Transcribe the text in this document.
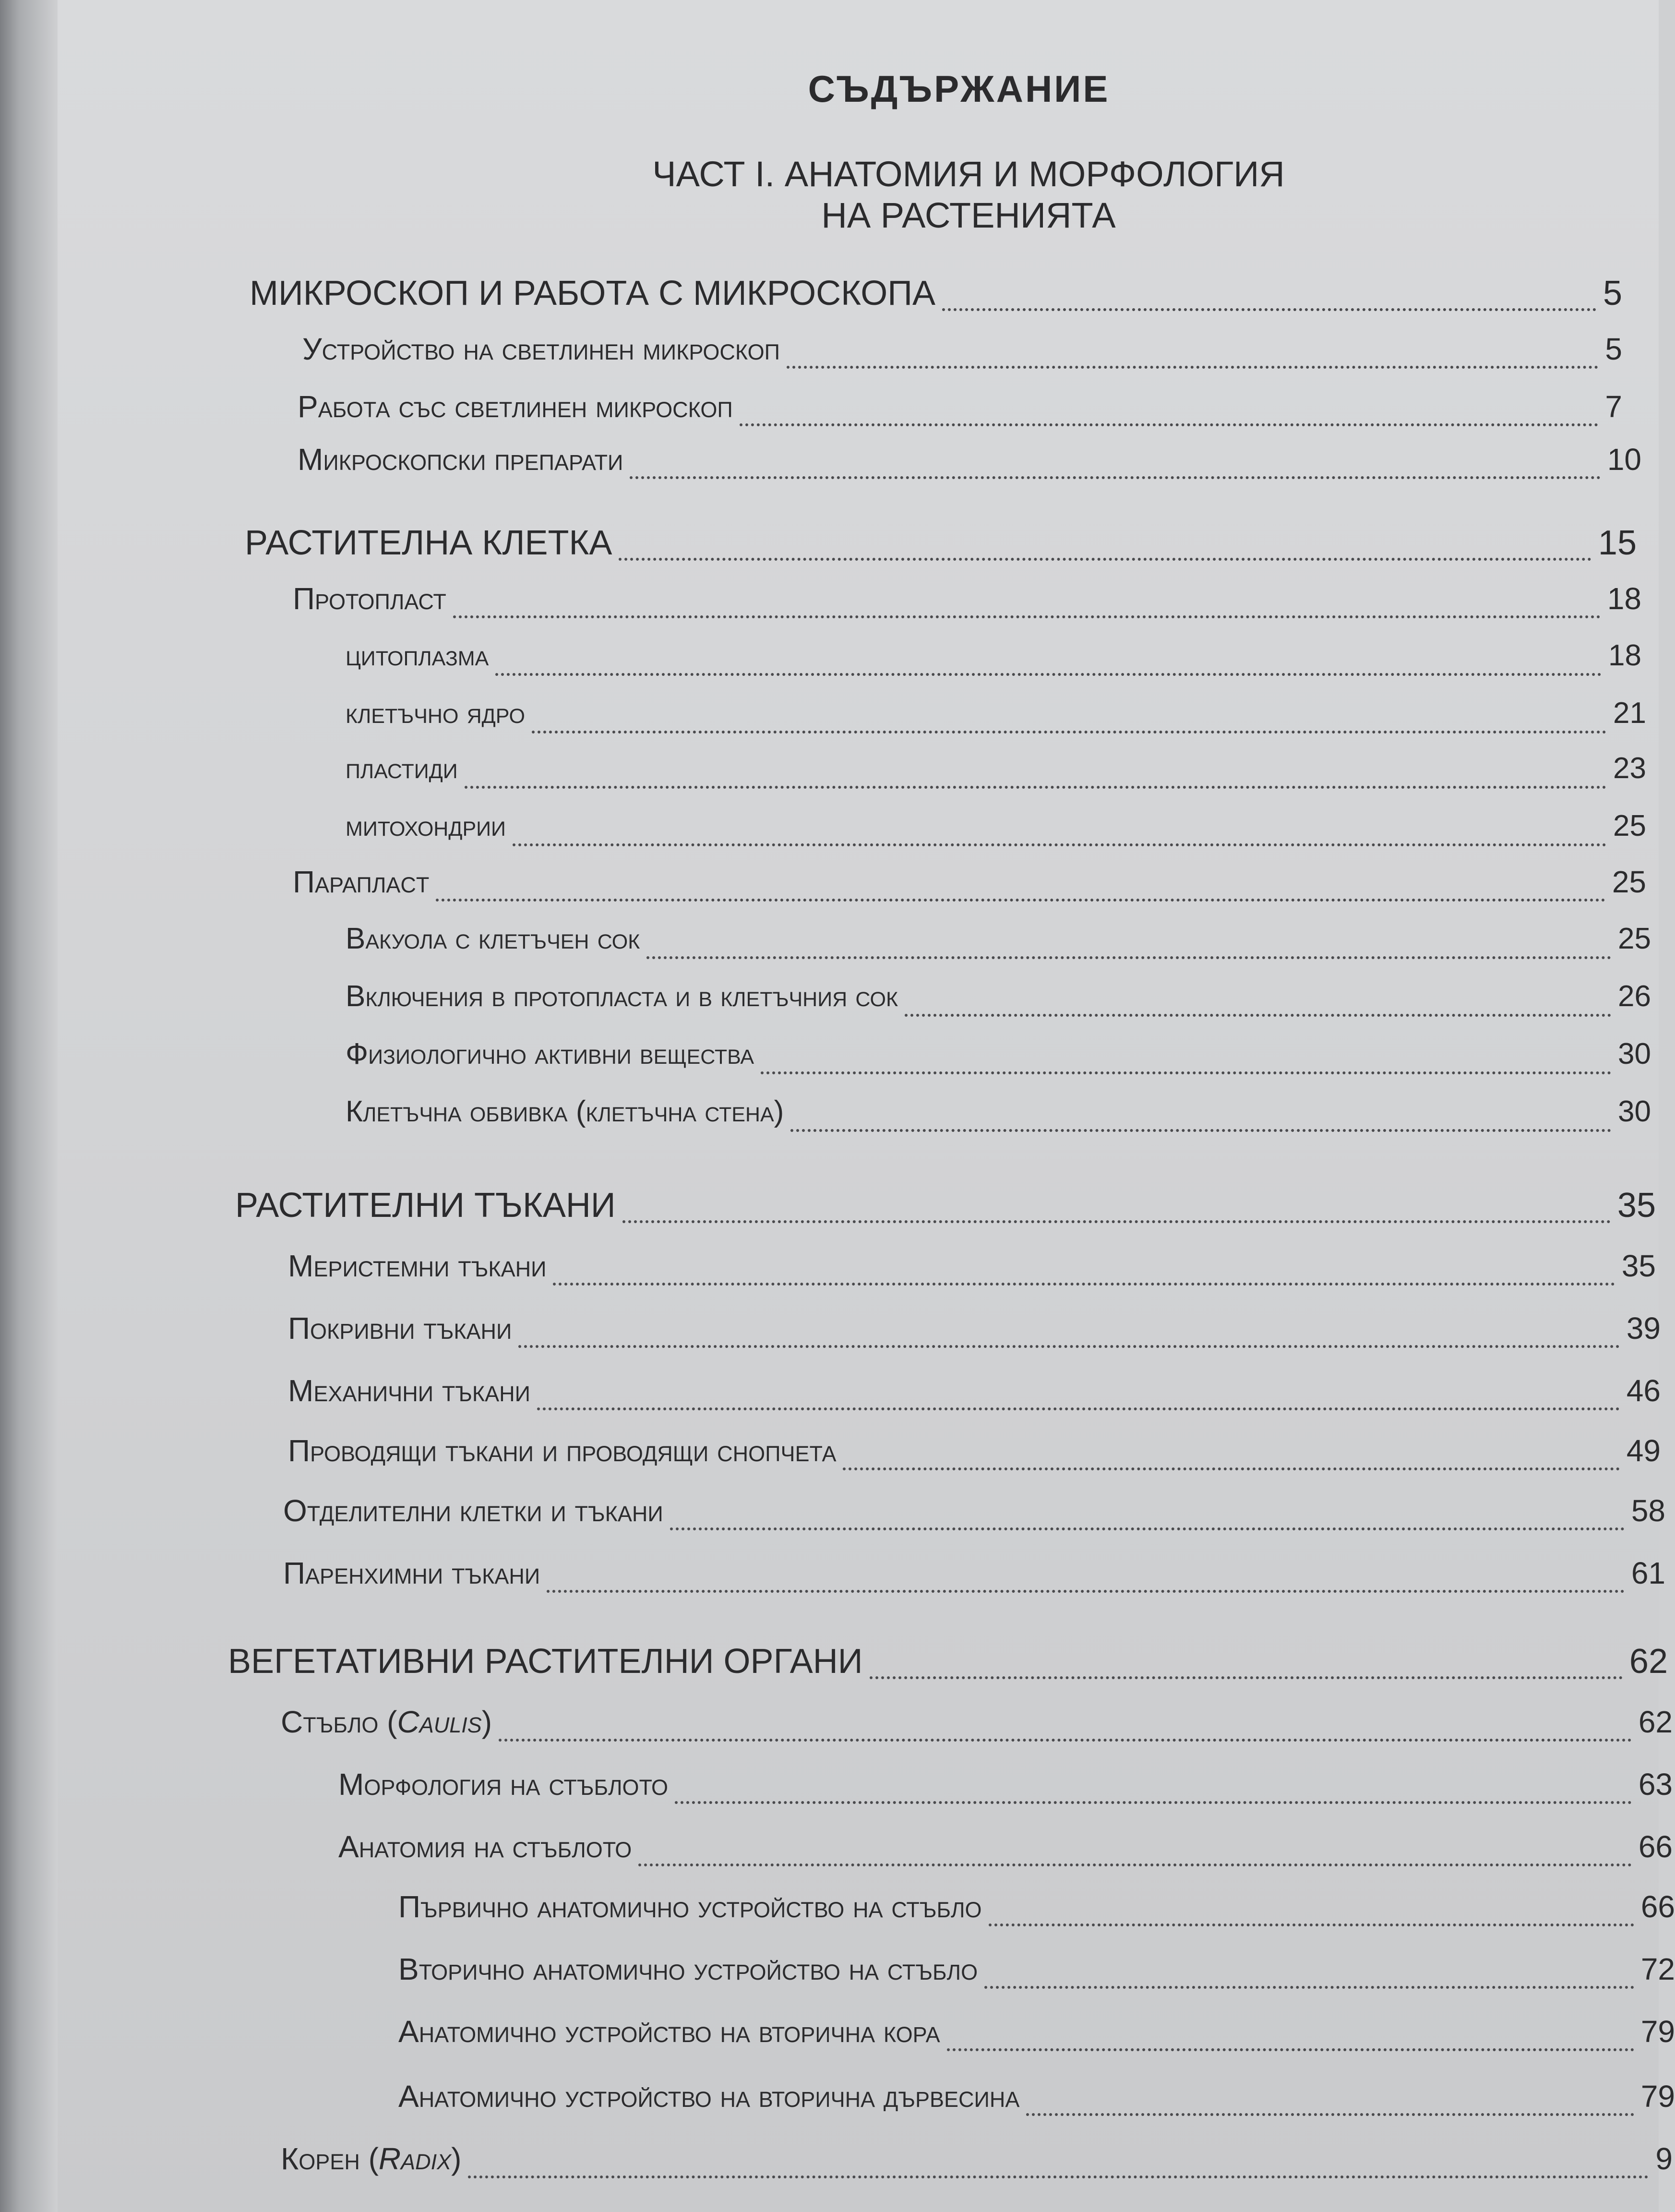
СЪДЪРЖАНИЕ
ЧАСТ І. АНАТОМИЯ И МОРФОЛОГИЯ
НА РАСТЕНИЯТА
МИКРОСКОП И РАБОТА С МИКРОСКОПА	5
Устройство на светлинен микроскоп	5
Работа със светлинен микроскоп	7
Микроскопски препарати	10
РАСТИТЕЛНА КЛЕТКА	15
Протопласт	18
цитоплазма	18
клетъчно ядро	21
пластиди	23
митохондрии	25
Параплаcт	25
Вакуола с клетъчен сок	25
Включения в протопласта и в клетъчния сок	26
Физиологично активни вещества	30
Клетъчна обвивка (клетъчна стена)	30
РАСТИТЕЛНИ ТЪКАНИ	35
Меристемни тъкани	35
Покривни тъкани	39
Механични тъкани	46
Проводящи тъкани и проводящи снопчета	49
Отделителни клетки и тъкани	58
Паренхимни тъкани	61
ВЕГЕТАТИВНИ РАСТИТЕЛНИ ОРГАНИ	62
Стъбло (Caulis)	62
Морфология на стъблото	63
Анатомия на стъблото	66
Първично анатомично устройство на стъбло	66
Вторично анатомично устройство на стъбло	72
Анатомично устройство на вторична кора	79
Анатомично устройство на вторична дървесина	79
Корен (Radix)	9
